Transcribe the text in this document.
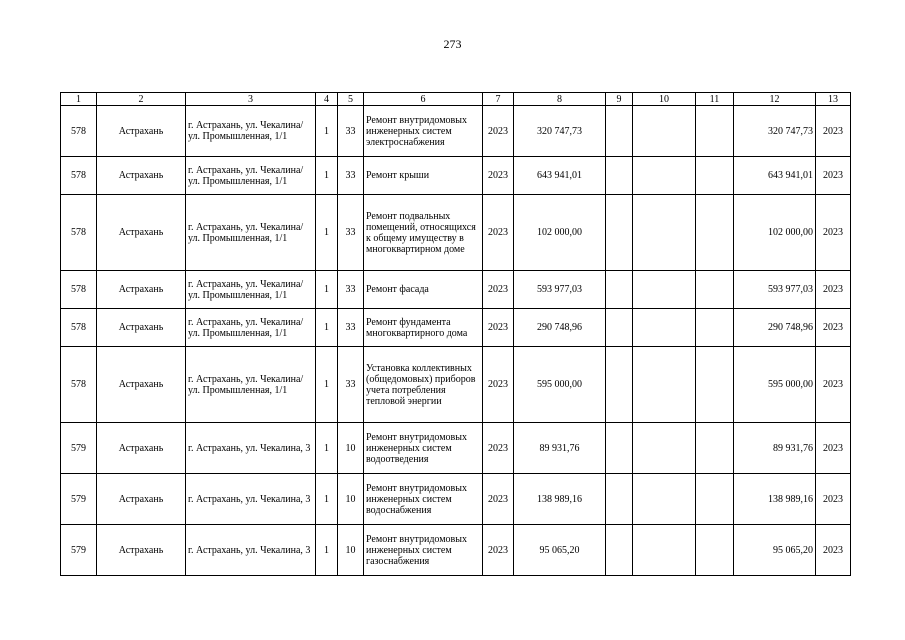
273
1	2	3	4	5	6	7	8	9	10	11	12	13
578	Астрахань	г. Астрахань, ул. Чекалина/ ул. Промышленная, 1/1	1	33	Ремонт внутридомовых инженерных систем электроснабжения	2023	320 747,73				320 747,73	2023
578	Астрахань	г. Астрахань, ул. Чекалина/ ул. Промышленная, 1/1	1	33	Ремонт крыши	2023	643 941,01				643 941,01	2023
578	Астрахань	г. Астрахань, ул. Чекалина/ ул. Промышленная, 1/1	1	33	Ремонт подвальных помещений, относящихся к общему имуществу в многоквартирном доме	2023	102 000,00				102 000,00	2023
578	Астрахань	г. Астрахань, ул. Чекалина/ ул. Промышленная, 1/1	1	33	Ремонт фасада	2023	593 977,03				593 977,03	2023
578	Астрахань	г. Астрахань, ул. Чекалина/ ул. Промышленная, 1/1	1	33	Ремонт фундамента многоквартирного дома	2023	290 748,96				290 748,96	2023
578	Астрахань	г. Астрахань, ул. Чекалина/ ул. Промышленная, 1/1	1	33	Установка коллективных (общедомовых) приборов учета потребления тепловой энергии	2023	595 000,00				595 000,00	2023
579	Астрахань	г. Астрахань, ул. Чекалина, 3	1	10	Ремонт внутридомовых инженерных систем водоотведения	2023	89 931,76				89 931,76	2023
579	Астрахань	г. Астрахань, ул. Чекалина, 3	1	10	Ремонт внутридомовых инженерных систем водоснабжения	2023	138 989,16				138 989,16	2023
579	Астрахань	г. Астрахань, ул. Чекалина, 3	1	10	Ремонт внутридомовых инженерных систем газоснабжения	2023	95 065,20				95 065,20	2023
